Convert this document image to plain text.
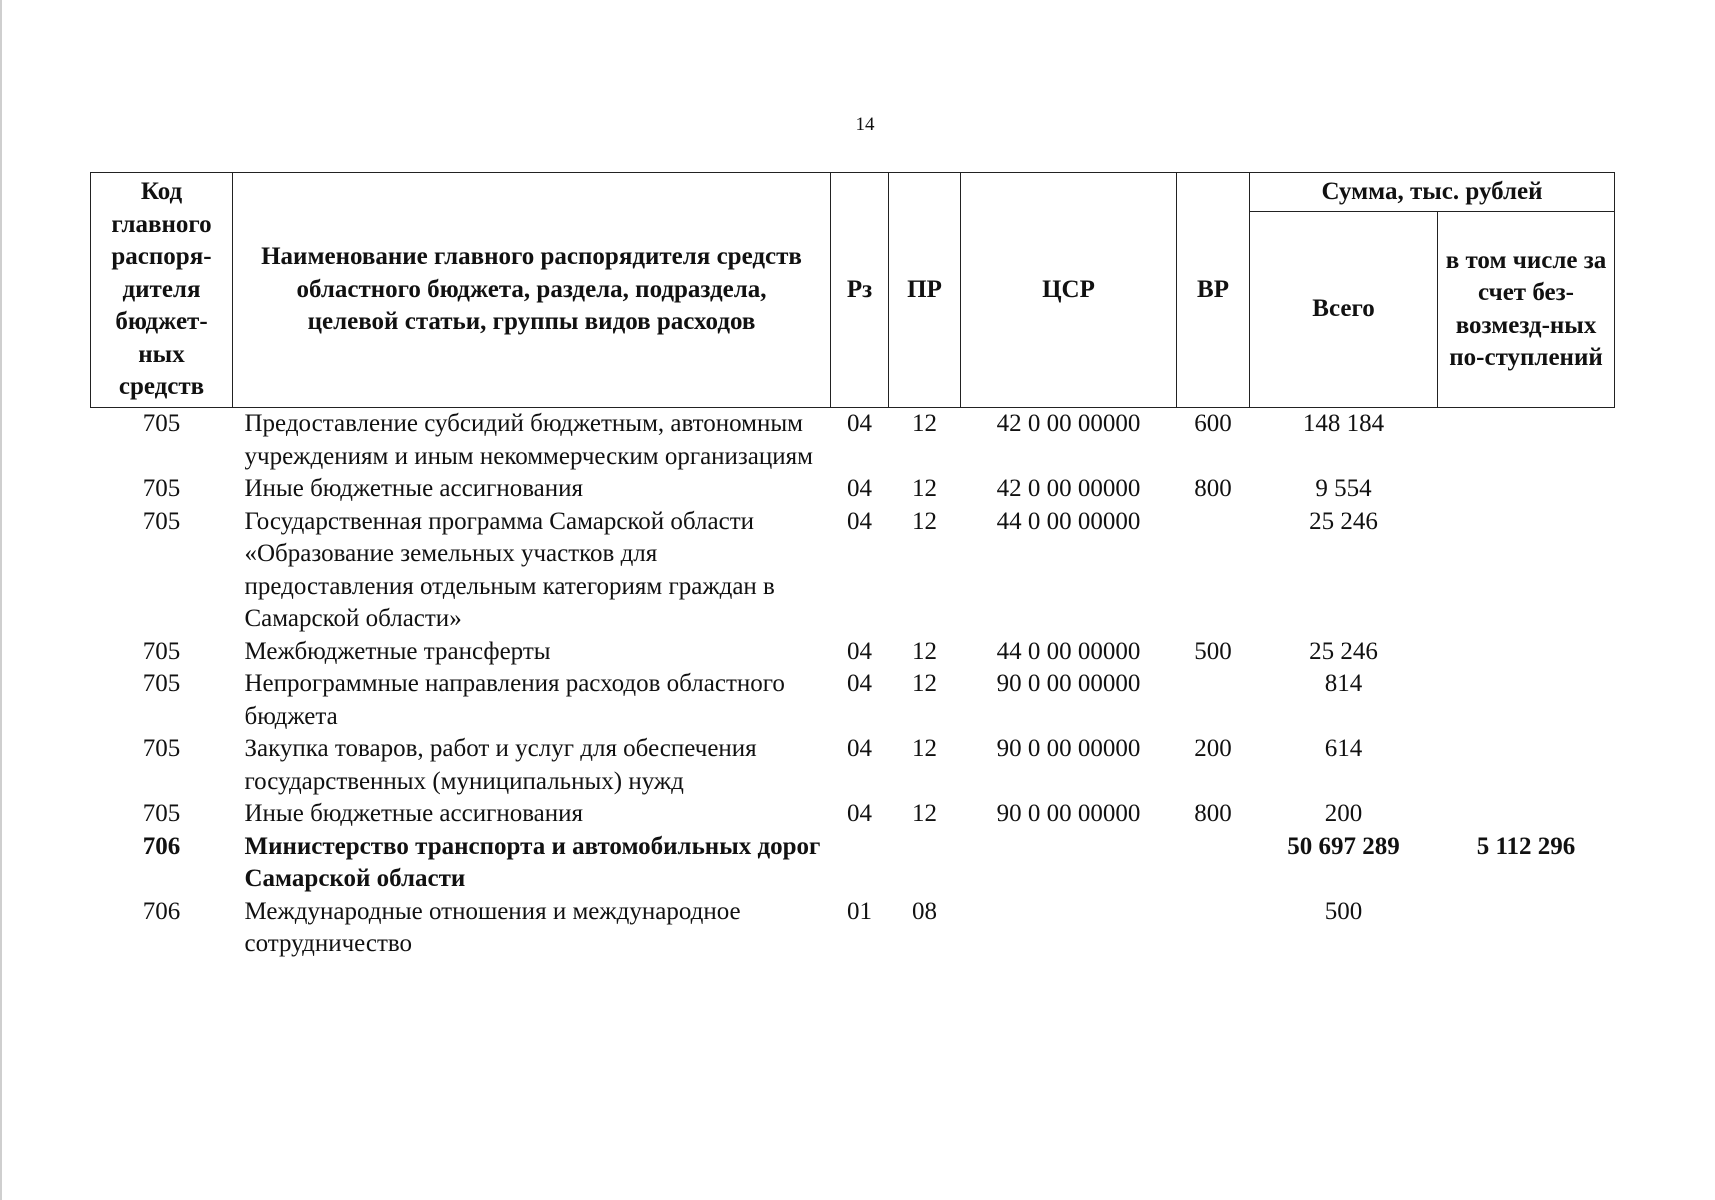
14
Код главного распоря-дителя бюджет-ных средств	Наименование главного распорядителя средств областного бюджета, раздела, подраздела, целевой статьи, группы видов расходов	Рз	ПР	ЦСР	ВР	Сумма, тыс. рублей	
						Всего	в том числе за счет без-возмезд-ных по-ступлений
705	Предоставление субсидий бюджетным, автономным учреждениям и иным некоммерческим организациям	04	12	42 0 00 00000	600	148 184	
705	Иные бюджетные ассигнования	04	12	42 0 00 00000	800	9 554	
705	Государственная программа Самарской области «Образование земельных участков для предоставления отдельным категориям граждан в Самарской области»	04	12	44 0 00 00000		25 246	
705	Межбюджетные трансферты	04	12	44 0 00 00000	500	25 246	
705	Непрограммные направления расходов областного бюджета	04	12	90 0 00 00000		814	
705	Закупка товаров, работ и услуг для обеспечения государственных (муниципальных) нужд	04	12	90 0 00 00000	200	614	
705	Иные бюджетные ассигнования	04	12	90 0 00 00000	800	200	
706	Министерство транспорта и автомобильных дорог Самарской области					50 697 289	5 112 296
706	Международные отношения и международное сотрудничество	01	08			500	
